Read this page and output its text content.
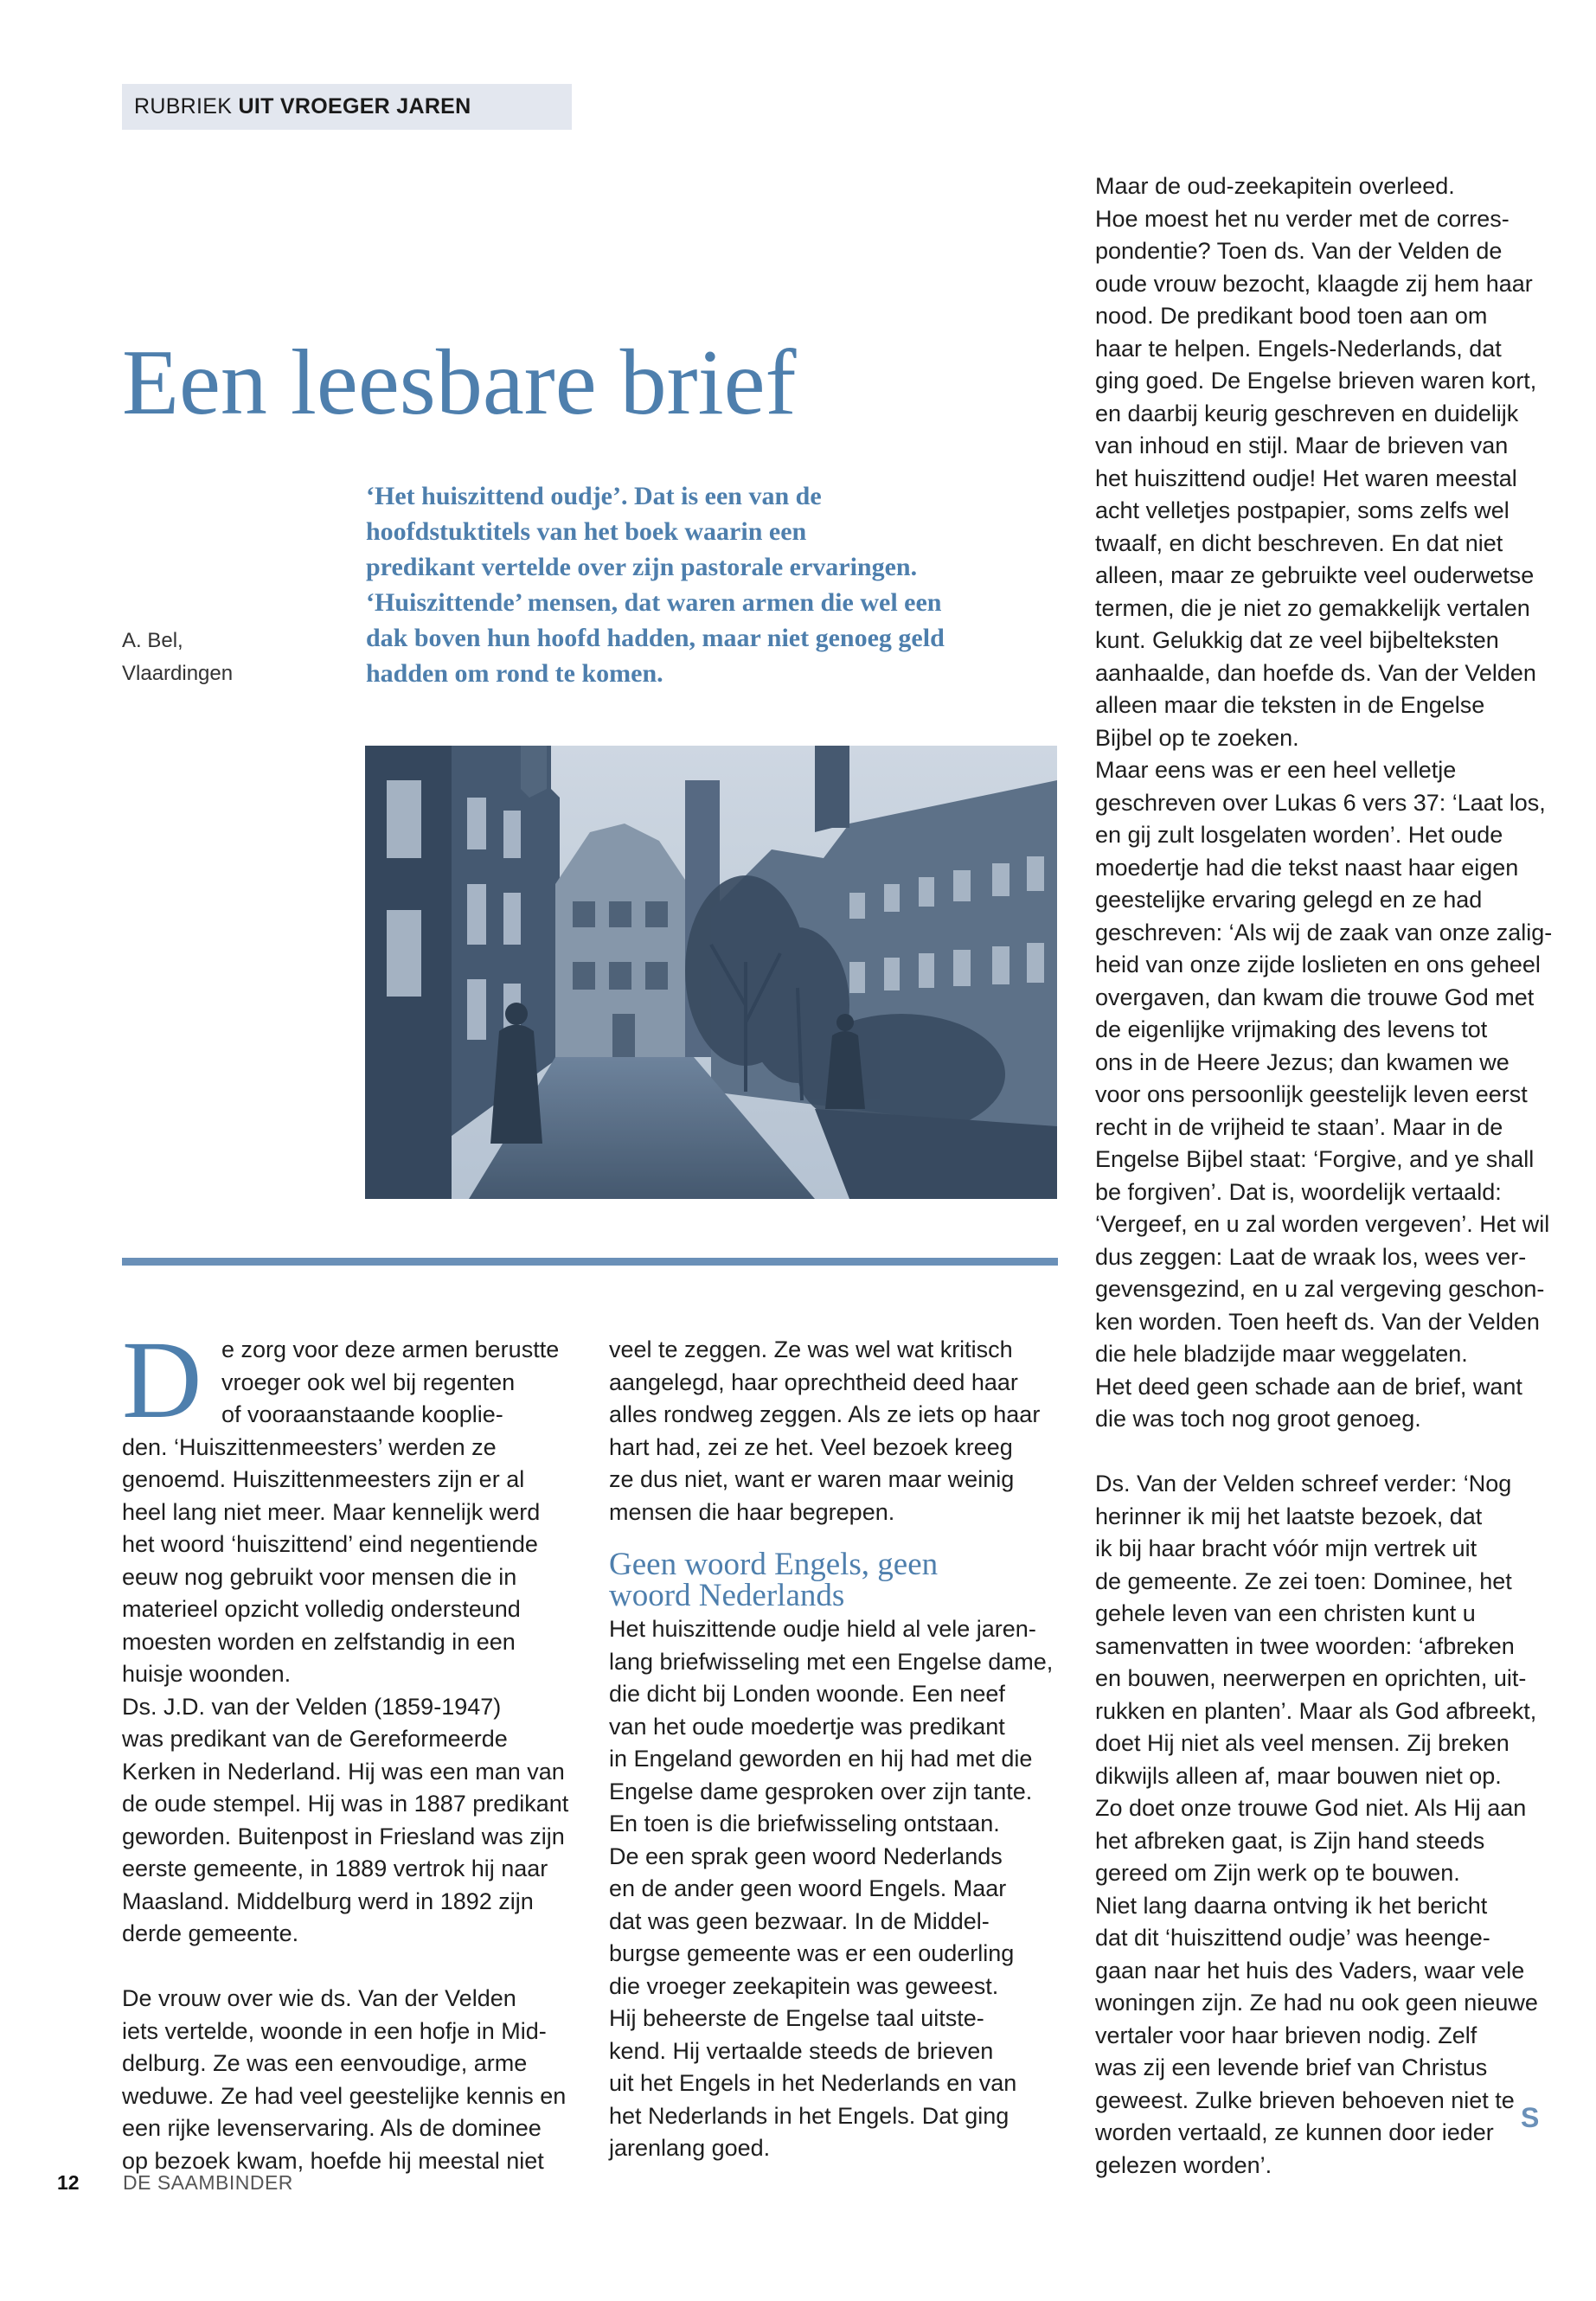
RUBRIEK UIT VROEGER JAREN
Een leesbare brief
A. Bel,
Vlaardingen
‘Het huiszittend oudje’. Dat is een van de
hoofdstuktitels van het boek waarin een
predikant vertelde over zijn pastorale ervaringen.
‘Huiszittende’ mensen, dat waren armen die wel een
dak boven hun hoofd hadden, maar niet genoeg geld
hadden om rond te komen.
D e zorg voor deze armen berustte
vroeger ook wel bij regenten
of vooraanstaande kooplie-
den. ‘Huiszittenmeesters’ werden ze
genoemd. Huiszittenmeesters zijn er al
heel lang niet meer. Maar kennelijk werd
het woord ‘huiszittend’ eind negentiende
eeuw nog gebruikt voor mensen die in
materieel opzicht volledig ondersteund
moesten worden en zelfstandig in een
huisje woonden.
Ds. J.D. van der Velden (1859-1947)
was predikant van de Gereformeerde
Kerken in Nederland. Hij was een man van
de oude stempel. Hij was in 1887 predikant
geworden. Buitenpost in Friesland was zijn
eerste gemeente, in 1889 vertrok hij naar
Maasland. Middelburg werd in 1892 zijn
derde gemeente.
De vrouw over wie ds. Van der Velden
iets vertelde, woonde in een hofje in Mid-
delburg. Ze was een eenvoudige, arme
weduwe. Ze had veel geestelijke kennis en
een rijke levenservaring. Als de dominee
op bezoek kwam, hoefde hij meestal niet
veel te zeggen. Ze was wel wat kritisch
aangelegd, haar oprechtheid deed haar
alles rondweg zeggen. Als ze iets op haar
hart had, zei ze het. Veel bezoek kreeg
ze dus niet, want er waren maar weinig
mensen die haar begrepen.
Geen woord Engels, geen
woord Nederlands
Het huiszittende oudje hield al vele jaren-
lang briefwisseling met een Engelse dame,
die dicht bij Londen woonde. Een neef
van het oude moedertje was predikant
in Engeland geworden en hij had met die
Engelse dame gesproken over zijn tante.
En toen is die briefwisseling ontstaan.
De een sprak geen woord Nederlands
en de ander geen woord Engels. Maar
dat was geen bezwaar. In de Middel-
burgse gemeente was er een ouderling
die vroeger zeekapitein was geweest.
Hij beheerste de Engelse taal uitste-
kend. Hij vertaalde steeds de brieven
uit het Engels in het Nederlands en van
het Nederlands in het Engels. Dat ging
jarenlang goed.
Maar de oud-zeekapitein overleed.
Hoe moest het nu verder met de corres-
pondentie? Toen ds. Van der Velden de
oude vrouw bezocht, klaagde zij hem haar
nood. De predikant bood toen aan om
haar te helpen. Engels-Nederlands, dat
ging goed. De Engelse brieven waren kort,
en daarbij keurig geschreven en duidelijk
van inhoud en stijl. Maar de brieven van
het huiszittend oudje! Het waren meestal
acht velletjes postpapier, soms zelfs wel
twaalf, en dicht beschreven. En dat niet
alleen, maar ze gebruikte veel ouderwetse
termen, die je niet zo gemakkelijk vertalen
kunt. Gelukkig dat ze veel bijbelteksten
aanhaalde, dan hoefde ds. Van der Velden
alleen maar die teksten in de Engelse
Bijbel op te zoeken.
Maar eens was er een heel velletje
geschreven over Lukas 6 vers 37: ‘Laat los,
en gij zult losgelaten worden’. Het oude
moedertje had die tekst naast haar eigen
geestelijke ervaring gelegd en ze had
geschreven: ‘Als wij de zaak van onze zalig-
heid van onze zijde loslieten en ons geheel
overgaven, dan kwam die trouwe God met
de eigenlijke vrijmaking des levens tot
ons in de Heere Jezus; dan kwamen we
voor ons persoonlijk geestelijk leven eerst
recht in de vrijheid te staan’. Maar in de
Engelse Bijbel staat: ‘Forgive, and ye shall
be forgiven’. Dat is, woordelijk vertaald:
‘Vergeef, en u zal worden vergeven’. Het wil
dus zeggen: Laat de wraak los, wees ver-
gevensgezind, en u zal vergeving geschon-
ken worden. Toen heeft ds. Van der Velden
die hele bladzijde maar weggelaten.
Het deed geen schade aan de brief, want
die was toch nog groot genoeg.
Ds. Van der Velden schreef verder: ‘Nog
herinner ik mij het laatste bezoek, dat
ik bij haar bracht vóór mijn vertrek uit
de gemeente. Ze zei toen: Dominee, het
gehele leven van een christen kunt u
samenvatten in twee woorden: ‘afbreken
en bouwen, neerwerpen en oprichten, uit-
rukken en planten’. Maar als God afbreekt,
doet Hij niet als veel mensen. Zij breken
dikwijls alleen af, maar bouwen niet op.
Zo doet onze trouwe God niet. Als Hij aan
het afbreken gaat, is Zijn hand steeds
gereed om Zijn werk op te bouwen.
Niet lang daarna ontving ik het bericht
dat dit ‘huiszittend oudje’ was heenge-
gaan naar het huis des Vaders, waar vele
woningen zijn. Ze had nu ook geen nieuwe
vertaler voor haar brieven nodig. Zelf
was zij een levende brief van Christus
geweest. Zulke brieven behoeven niet te
worden vertaald, ze kunnen door ieder
gelezen worden’.
S
12 DE SAAMBINDER
